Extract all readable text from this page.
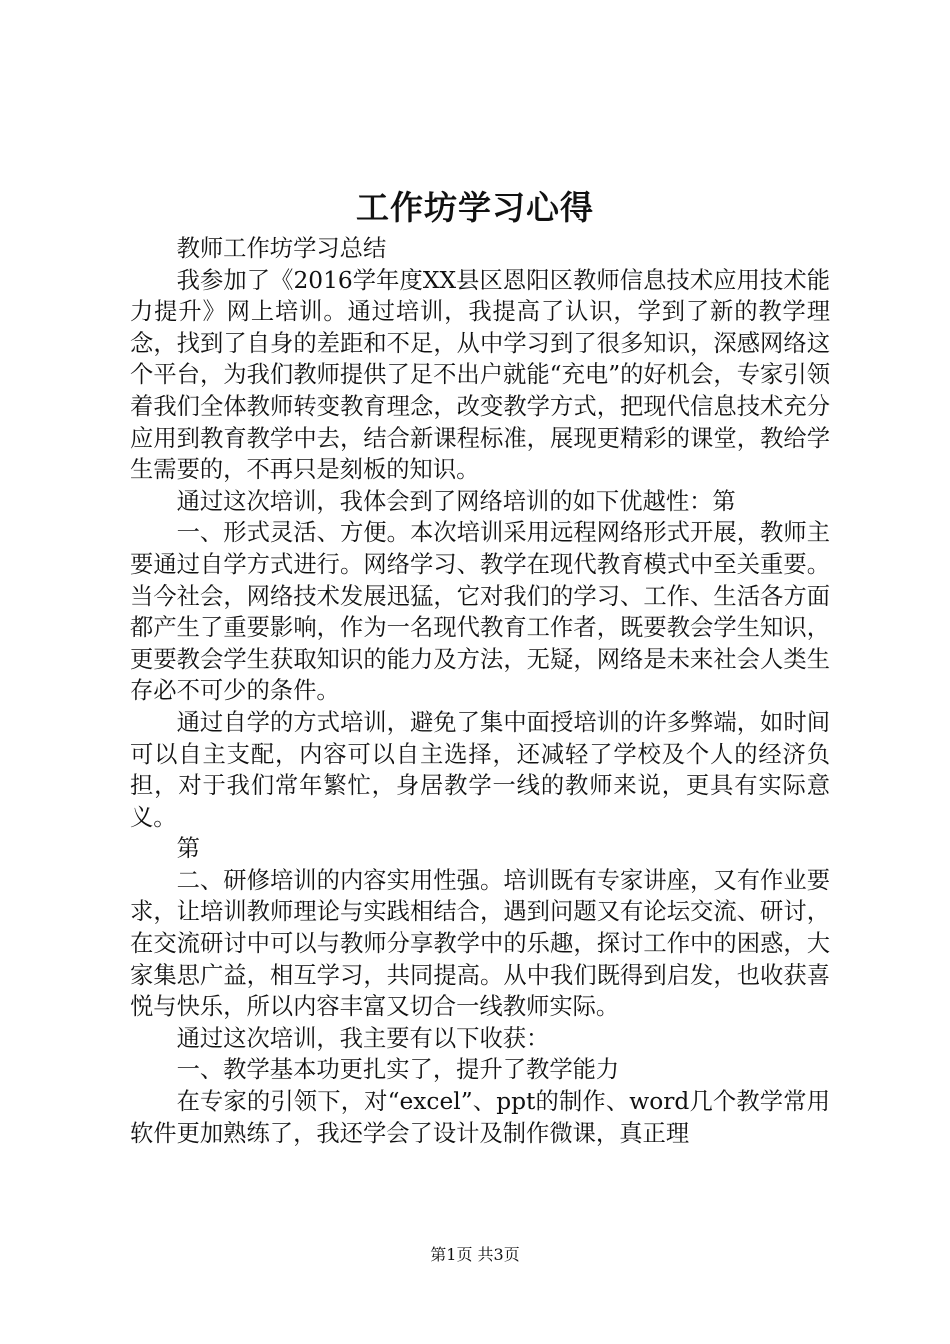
工作坊学习心得

教师工作坊学习总结

我参加了《2016学年度XX县区恩阳区教师信息技术应用技术能力提升》网上培训。通过培训，我提高了认识，学到了新的教学理念，找到了自身的差距和不足，从中学习到了很多知识，深感网络这个平台，为我们教师提供了足不出户就能“充电”的好机会，专家引领着我们全体教师转变教育理念，改变教学方式，把现代信息技术充分应用到教育教学中去，结合新课程标准，展现更精彩的课堂，教给学生需要的，不再只是刻板的知识。

通过这次培训，我体会到了网络培训的如下优越性：第

一、形式灵活、方便。本次培训采用远程网络形式开展，教师主要通过自学方式进行。网络学习、教学在现代教育模式中至关重要。当今社会，网络技术发展迅猛，它对我们的学习、工作、生活各方面都产生了重要影响，作为一名现代教育工作者，既要教会学生知识，更要教会学生获取知识的能力及方法，无疑，网络是未来社会人类生存必不可少的条件。

通过自学的方式培训，避免了集中面授培训的许多弊端，如时间可以自主支配，内容可以自主选择，还减轻了学校及个人的经济负担，对于我们常年繁忙，身居教学一线的教师来说，更具有实际意义。

第

二、研修培训的内容实用性强。培训既有专家讲座，又有作业要求，让培训教师理论与实践相结合，遇到问题又有论坛交流、研讨，在交流研讨中可以与教师分享教学中的乐趣，探讨工作中的困惑，大家集思广益，相互学习，共同提高。从中我们既得到启发，也收获喜悦与快乐，所以内容丰富又切合一线教师实际。

通过这次培训，我主要有以下收获：

一、教学基本功更扎实了，提升了教学能力

在专家的引领下，对“excel”、ppt的制作、word几个教学常用软件更加熟练了，我还学会了设计及制作微课，真正理

第1页 共3页
